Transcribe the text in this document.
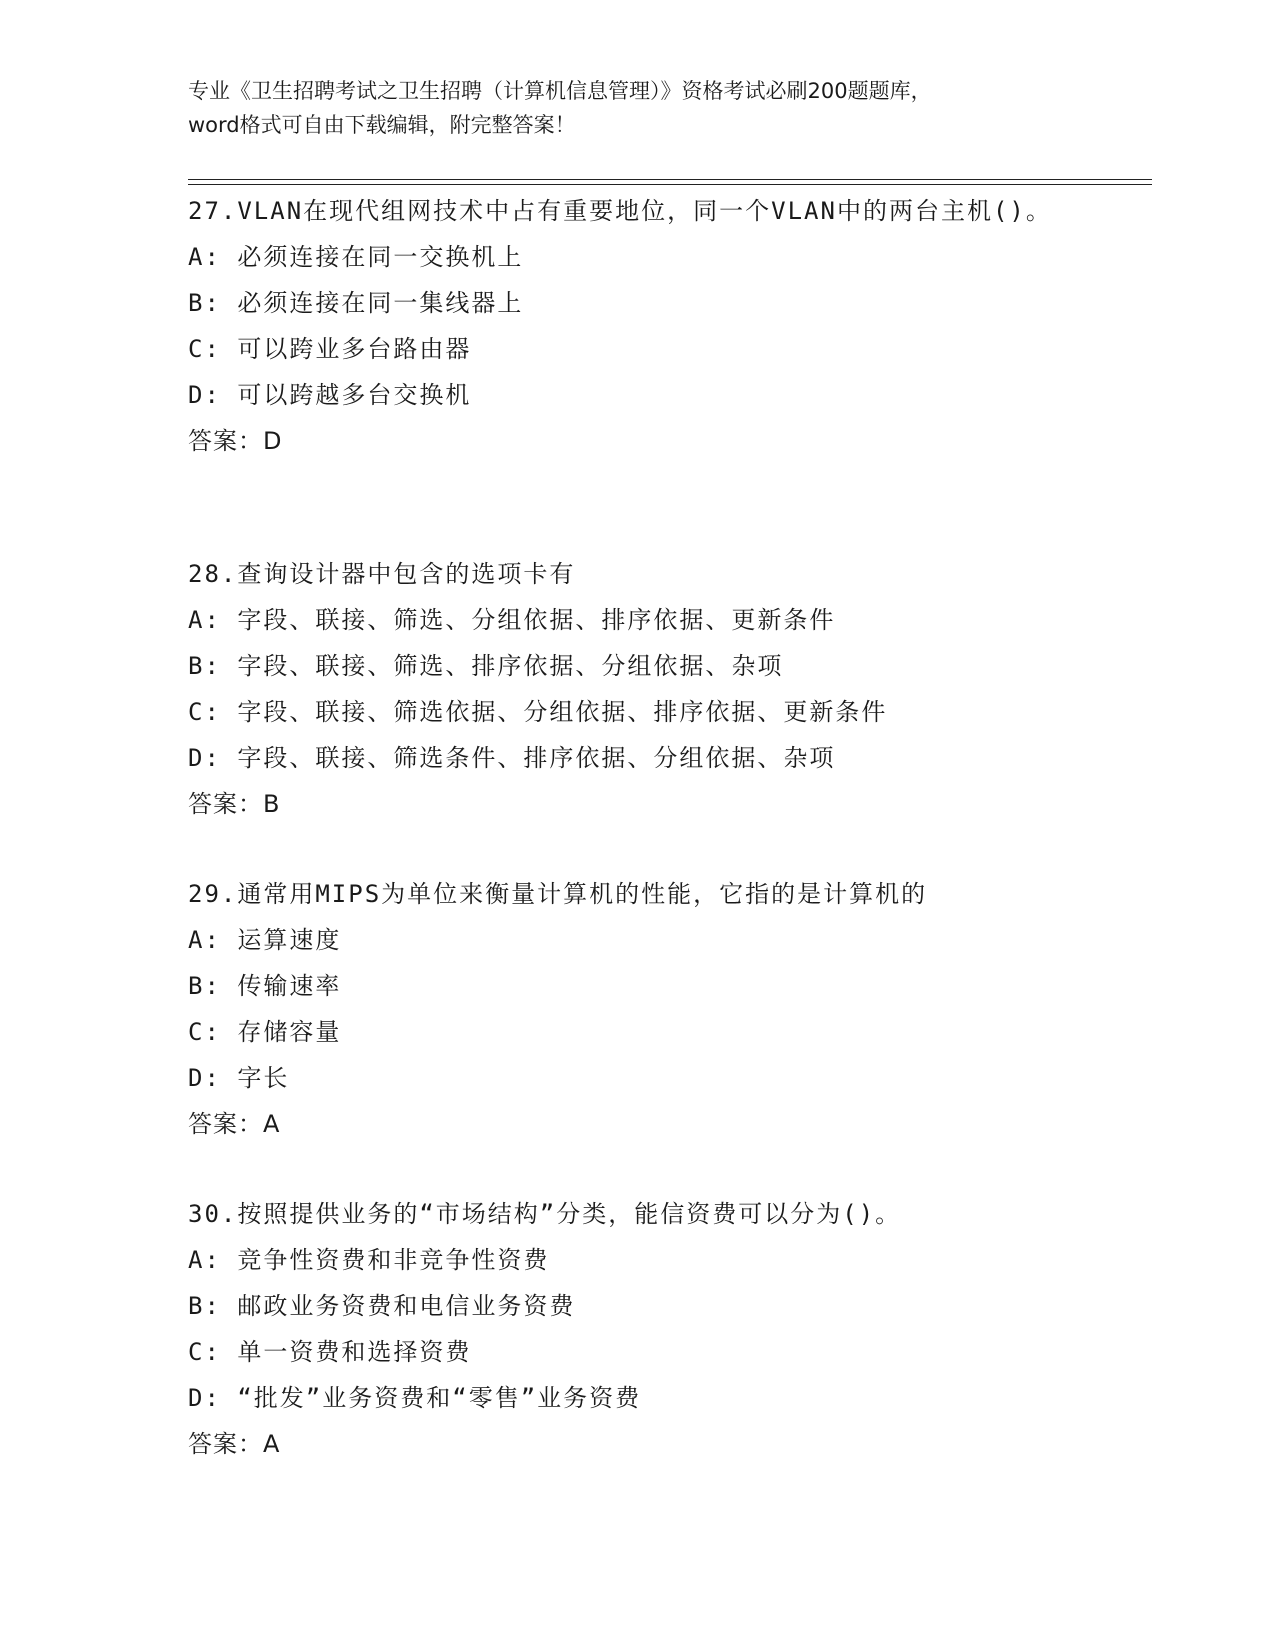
专业《卫生招聘考试之卫生招聘（计算机信息管理）》资格考试必刷200题题库，
word格式可自由下载编辑，附完整答案！

27.VLAN在现代组网技术中占有重要地位，同一个VLAN中的两台主机()。

A: 必须连接在同一交换机上

B: 必须连接在同一集线器上

C: 可以跨业多台路由器

D: 可以跨越多台交换机

答案：D

28.查询设计器中包含的选项卡有

A: 字段、联接、筛选、分组依据、排序依据、更新条件

B: 字段、联接、筛选、排序依据、分组依据、杂项

C: 字段、联接、筛选依据、分组依据、排序依据、更新条件

D: 字段、联接、筛选条件、排序依据、分组依据、杂项

答案：B

29.通常用MIPS为单位来衡量计算机的性能，它指的是计算机的

A: 运算速度

B: 传输速率

C: 存储容量

D: 字长

答案：A

30.按照提供业务的“市场结构”分类，能信资费可以分为()。

A: 竞争性资费和非竞争性资费

B: 邮政业务资费和电信业务资费

C: 单一资费和选择资费

D: “批发”业务资费和“零售”业务资费

答案：A
